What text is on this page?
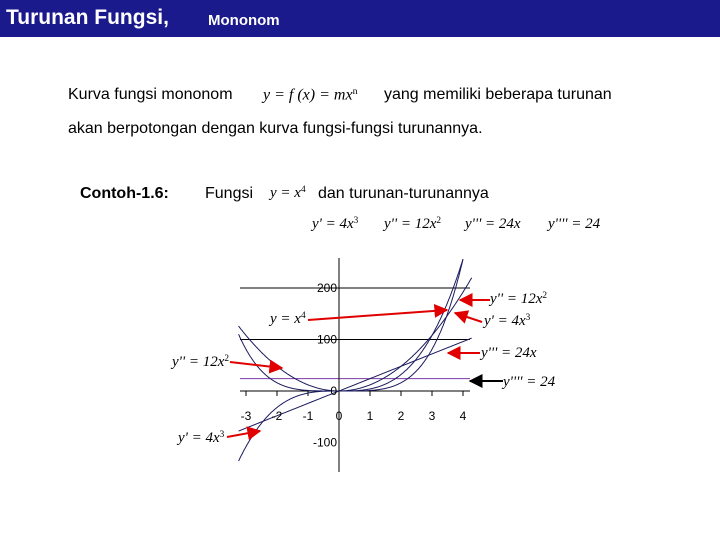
Turunan Fungsi,	Mononom
Kurva fungsi mononom y = f $(x) = mx^n$ yang memiliki beberapa turunan
akan berpotongan dengan kurva fungsi-fungsi turunannya.
Contoh-1.6: Fungsi $y = x^4$ dan turunan-turunannya
$y' = 4x^3$ $y'' = 12x^2$ y''' = 24x y'''' = 24
-3 -2 -1 0 1 2 3 4
200
100
0
-100
$y'' = 12x^2$
$y' = 4x^3$
y''' = 24x
y'''' = 24
$y = x^4$
$y'' = 12x^2$
$y' = 4x^3$
